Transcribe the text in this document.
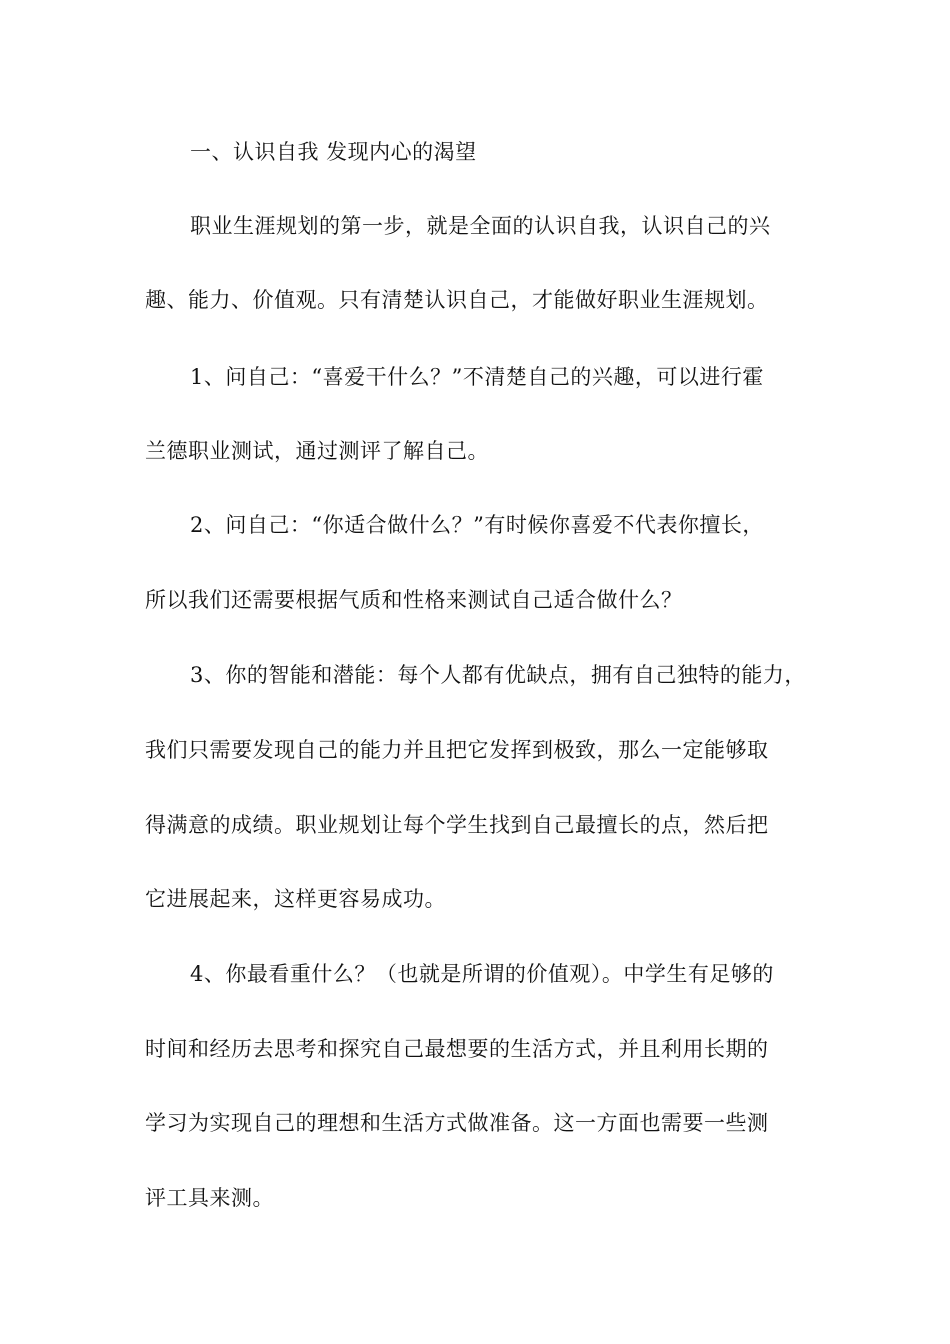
一、认识自我 发现内心的渴望
职业生涯规划的第一步，就是全面的认识自我，认识自己的兴
趣、能力、价值观。只有清楚认识自己，才能做好职业生涯规划。
1、问自己：“喜爱干什么？”不清楚自己的兴趣，可以进行霍
兰德职业测试，通过测评了解自己。
2、问自己：“你适合做什么？”有时候你喜爱不代表你擅长，
所以我们还需要根据气质和性格来测试自己适合做什么？
3、你的智能和潜能：每个人都有优缺点，拥有自己独特的能力，
我们只需要发现自己的能力并且把它发挥到极致，那么一定能够取
得满意的成绩。职业规划让每个学生找到自己最擅长的点，然后把
它进展起来，这样更容易成功。
4、你最看重什么？（也就是所谓的价值观）。中学生有足够的
时间和经历去思考和探究自己最想要的生活方式，并且利用长期的
学习为实现自己的理想和生活方式做准备。这一方面也需要一些测
评工具来测。
